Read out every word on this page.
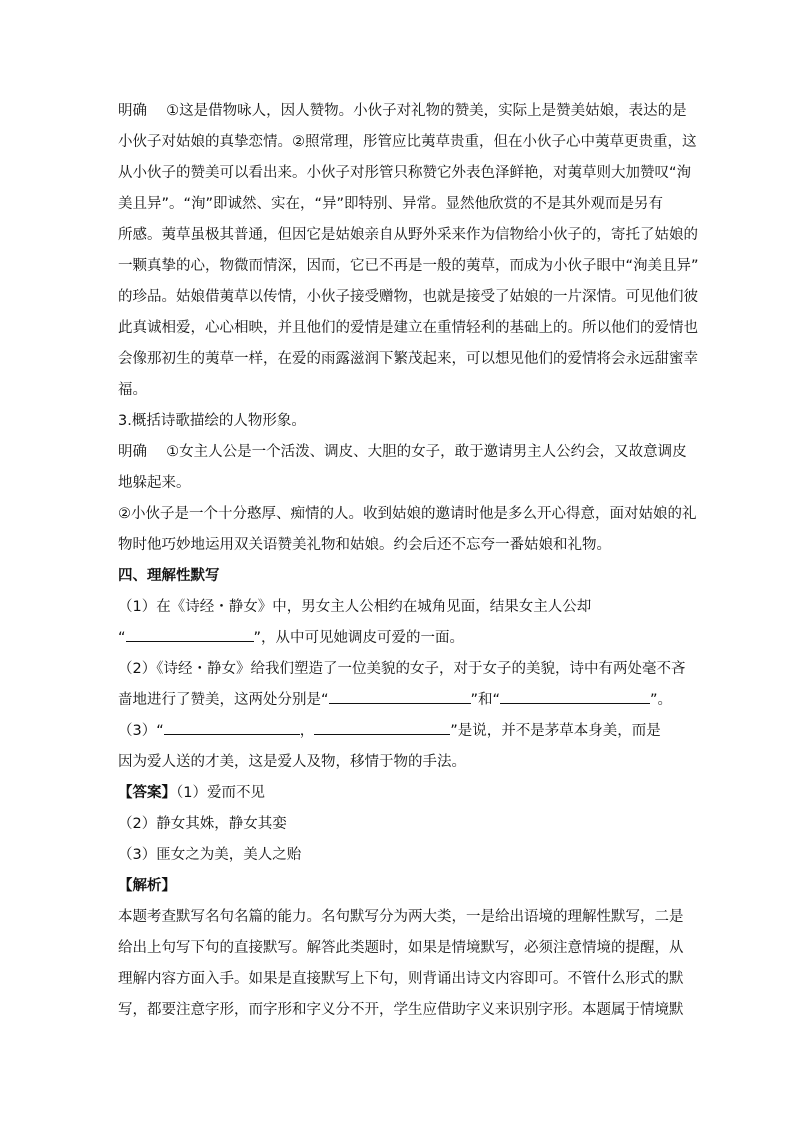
明确　 ①这是借物咏人，因人赞物。小伙子对礼物的赞美，实际上是赞美姑娘，表达的是
小伙子对姑娘的真挚恋情。②照常理，彤管应比荑草贵重，但在小伙子心中荑草更贵重，这
从小伙子的赞美可以看出来。小伙子对彤管只称赞它外表色泽鲜艳，对荑草则大加赞叹“洵
美且异”。“洵”即诚然、实在，“异”即特别、异常。显然他欣赏的不是其外观而是另有
所感。荑草虽极其普通，但因它是姑娘亲自从野外采来作为信物给小伙子的，寄托了姑娘的
一颗真挚的心，物微而情深，因而，它已不再是一般的荑草，而成为小伙子眼中“洵美且异”
的珍品。姑娘借荑草以传情，小伙子接受赠物，也就是接受了姑娘的一片深情。可见他们彼
此真诚相爱，心心相映，并且他们的爱情是建立在重情轻利的基础上的。所以他们的爱情也
会像那初生的荑草一样，在爱的雨露滋润下繁茂起来，可以想见他们的爱情将会永远甜蜜幸
福。
3.概括诗歌描绘的人物形象。
明确　 ①女主人公是一个活泼、调皮、大胆的女子，敢于邀请男主人公约会，又故意调皮
地躲起来。
②小伙子是一个十分憨厚、痴情的人。收到姑娘的邀请时他是多么开心得意，面对姑娘的礼
物时他巧妙地运用双关语赞美礼物和姑娘。约会后还不忘夸一番姑娘和礼物。
四、理解性默写
（1）在《诗经・静女》中，男女主人公相约在城角见面，结果女主人公却
“	”，从中可见她调皮可爱的一面。
（2）《诗经・静女》给我们塑造了一位美貌的女子，对于女子的美貌，诗中有两处毫不吝
啬地进行了赞美，这两处分别是“	”和“	”。
（3）“	，	”是说，并不是茅草本身美，而是
因为爱人送的才美，这是爱人及物，移情于物的手法。
【答案】（1）爱而不见
（2）静女其姝，静女其娈
（3）匪女之为美，美人之贻
【解析】
本题考查默写名句名篇的能力。名句默写分为两大类，一是给出语境的理解性默写，二是
给出上句写下句的直接默写。解答此类题时，如果是情境默写，必须注意情境的提醒，从
理解内容方面入手。如果是直接默写上下句，则背诵出诗文内容即可。不管什么形式的默
写，都要注意字形，而字形和字义分不开，学生应借助字义来识别字形。本题属于情境默
